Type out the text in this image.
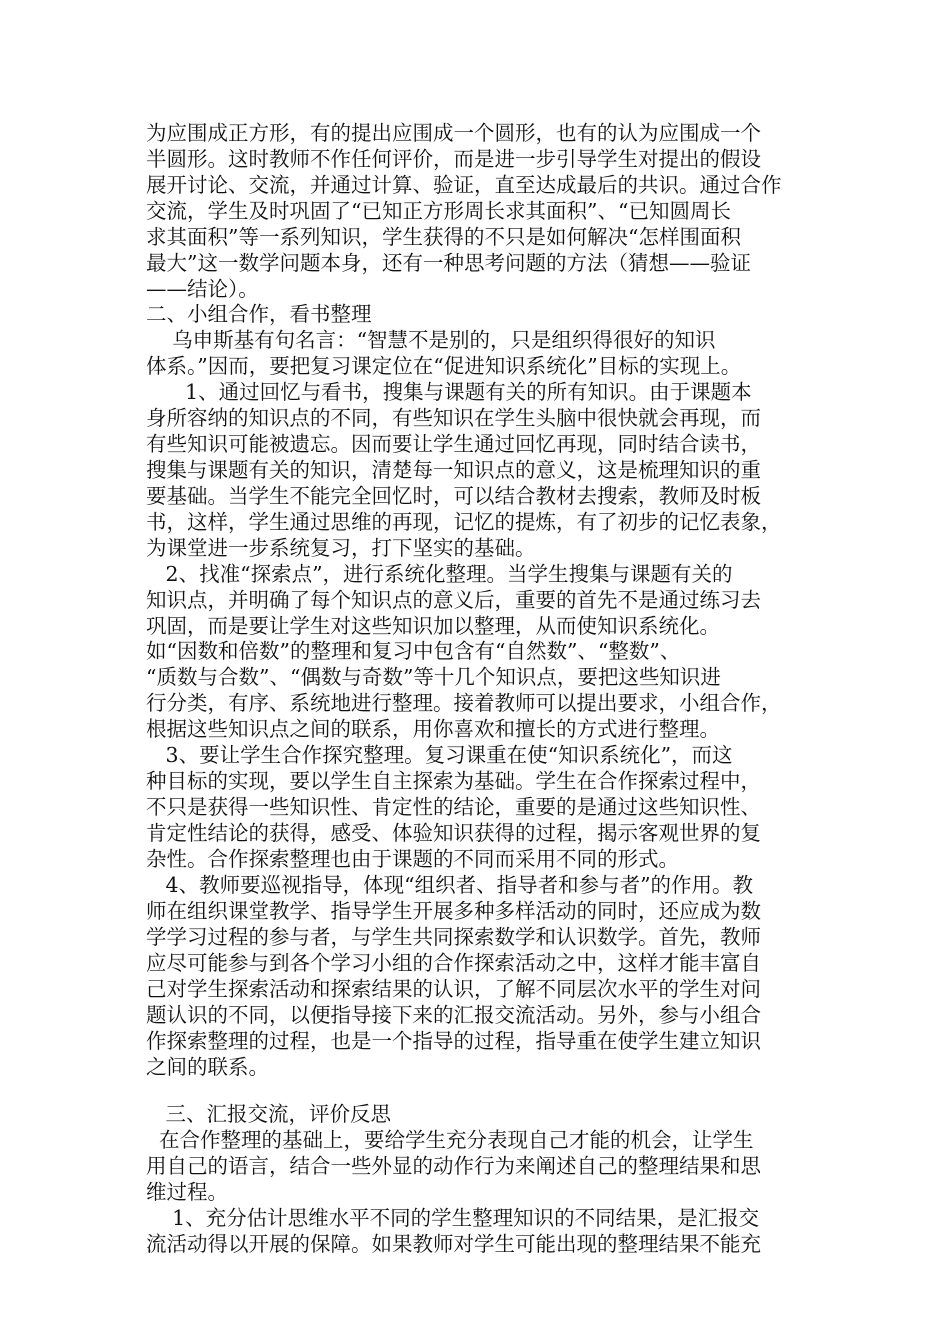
为应围成正方形，有的提出应围成一个圆形，也有的认为应围成一个

半圆形。这时教师不作任何评价，而是进一步引导学生对提出的假设

展开讨论、交流，并通过计算、验证，直至达成最后的共识。通过合作

交流，学生及时巩固了“已知正方形周长求其面积”、“已知圆周长

求其面积”等一系列知识，学生获得的不只是如何解决“怎样围面积

最大”这一数学问题本身，还有一种思考问题的方法（猜想——验证

——结论）。

二、小组合作，看书整理

乌申斯基有句名言：“智慧不是别的，只是组织得很好的知识

体系。”因而，要把复习课定位在“促进知识系统化”目标的实现上。

1、通过回忆与看书，搜集与课题有关的所有知识。由于课题本

身所容纳的知识点的不同，有些知识在学生头脑中很快就会再现，而

有些知识可能被遗忘。因而要让学生通过回忆再现，同时结合读书，

搜集与课题有关的知识，清楚每一知识点的意义，这是梳理知识的重

要基础。当学生不能完全回忆时，可以结合教材去搜索，教师及时板

书，这样，学生通过思维的再现，记忆的提炼，有了初步的记忆表象，

为课堂进一步系统复习，打下坚实的基础。

2、找准“探索点”，进行系统化整理。当学生搜集与课题有关的

知识点，并明确了每个知识点的意义后，重要的首先不是通过练习去

巩固，而是要让学生对这些知识加以整理，从而使知识系统化。

如“因数和倍数”的整理和复习中包含有“自然数”、“整数”、

“质数与合数”、“偶数与奇数”等十几个知识点，要把这些知识进

行分类，有序、系统地进行整理。接着教师可以提出要求，小组合作，

根据这些知识点之间的联系，用你喜欢和擅长的方式进行整理。

3、要让学生合作探究整理。复习课重在使“知识系统化”，而这

种目标的实现，要以学生自主探索为基础。学生在合作探索过程中，

不只是获得一些知识性、肯定性的结论，重要的是通过这些知识性、

肯定性结论的获得，感受、体验知识获得的过程，揭示客观世界的复

杂性。合作探索整理也由于课题的不同而采用不同的形式。

4、教师要巡视指导，体现“组织者、指导者和参与者”的作用。教

师在组织课堂教学、指导学生开展多种多样活动的同时，还应成为数

学学习过程的参与者，与学生共同探索数学和认识数学。首先，教师

应尽可能参与到各个学习小组的合作探索活动之中，这样才能丰富自

己对学生探索活动和探索结果的认识，了解不同层次水平的学生对问

题认识的不同，以便指导接下来的汇报交流活动。另外，参与小组合

作探索整理的过程，也是一个指导的过程，指导重在使学生建立知识

之间的联系。

三、汇报交流，评价反思

在合作整理的基础上，要给学生充分表现自己才能的机会，让学生

用自己的语言，结合一些外显的动作行为来阐述自己的整理结果和思

维过程。

1、充分估计思维水平不同的学生整理知识的不同结果，是汇报交

流活动得以开展的保障。如果教师对学生可能出现的整理结果不能充
